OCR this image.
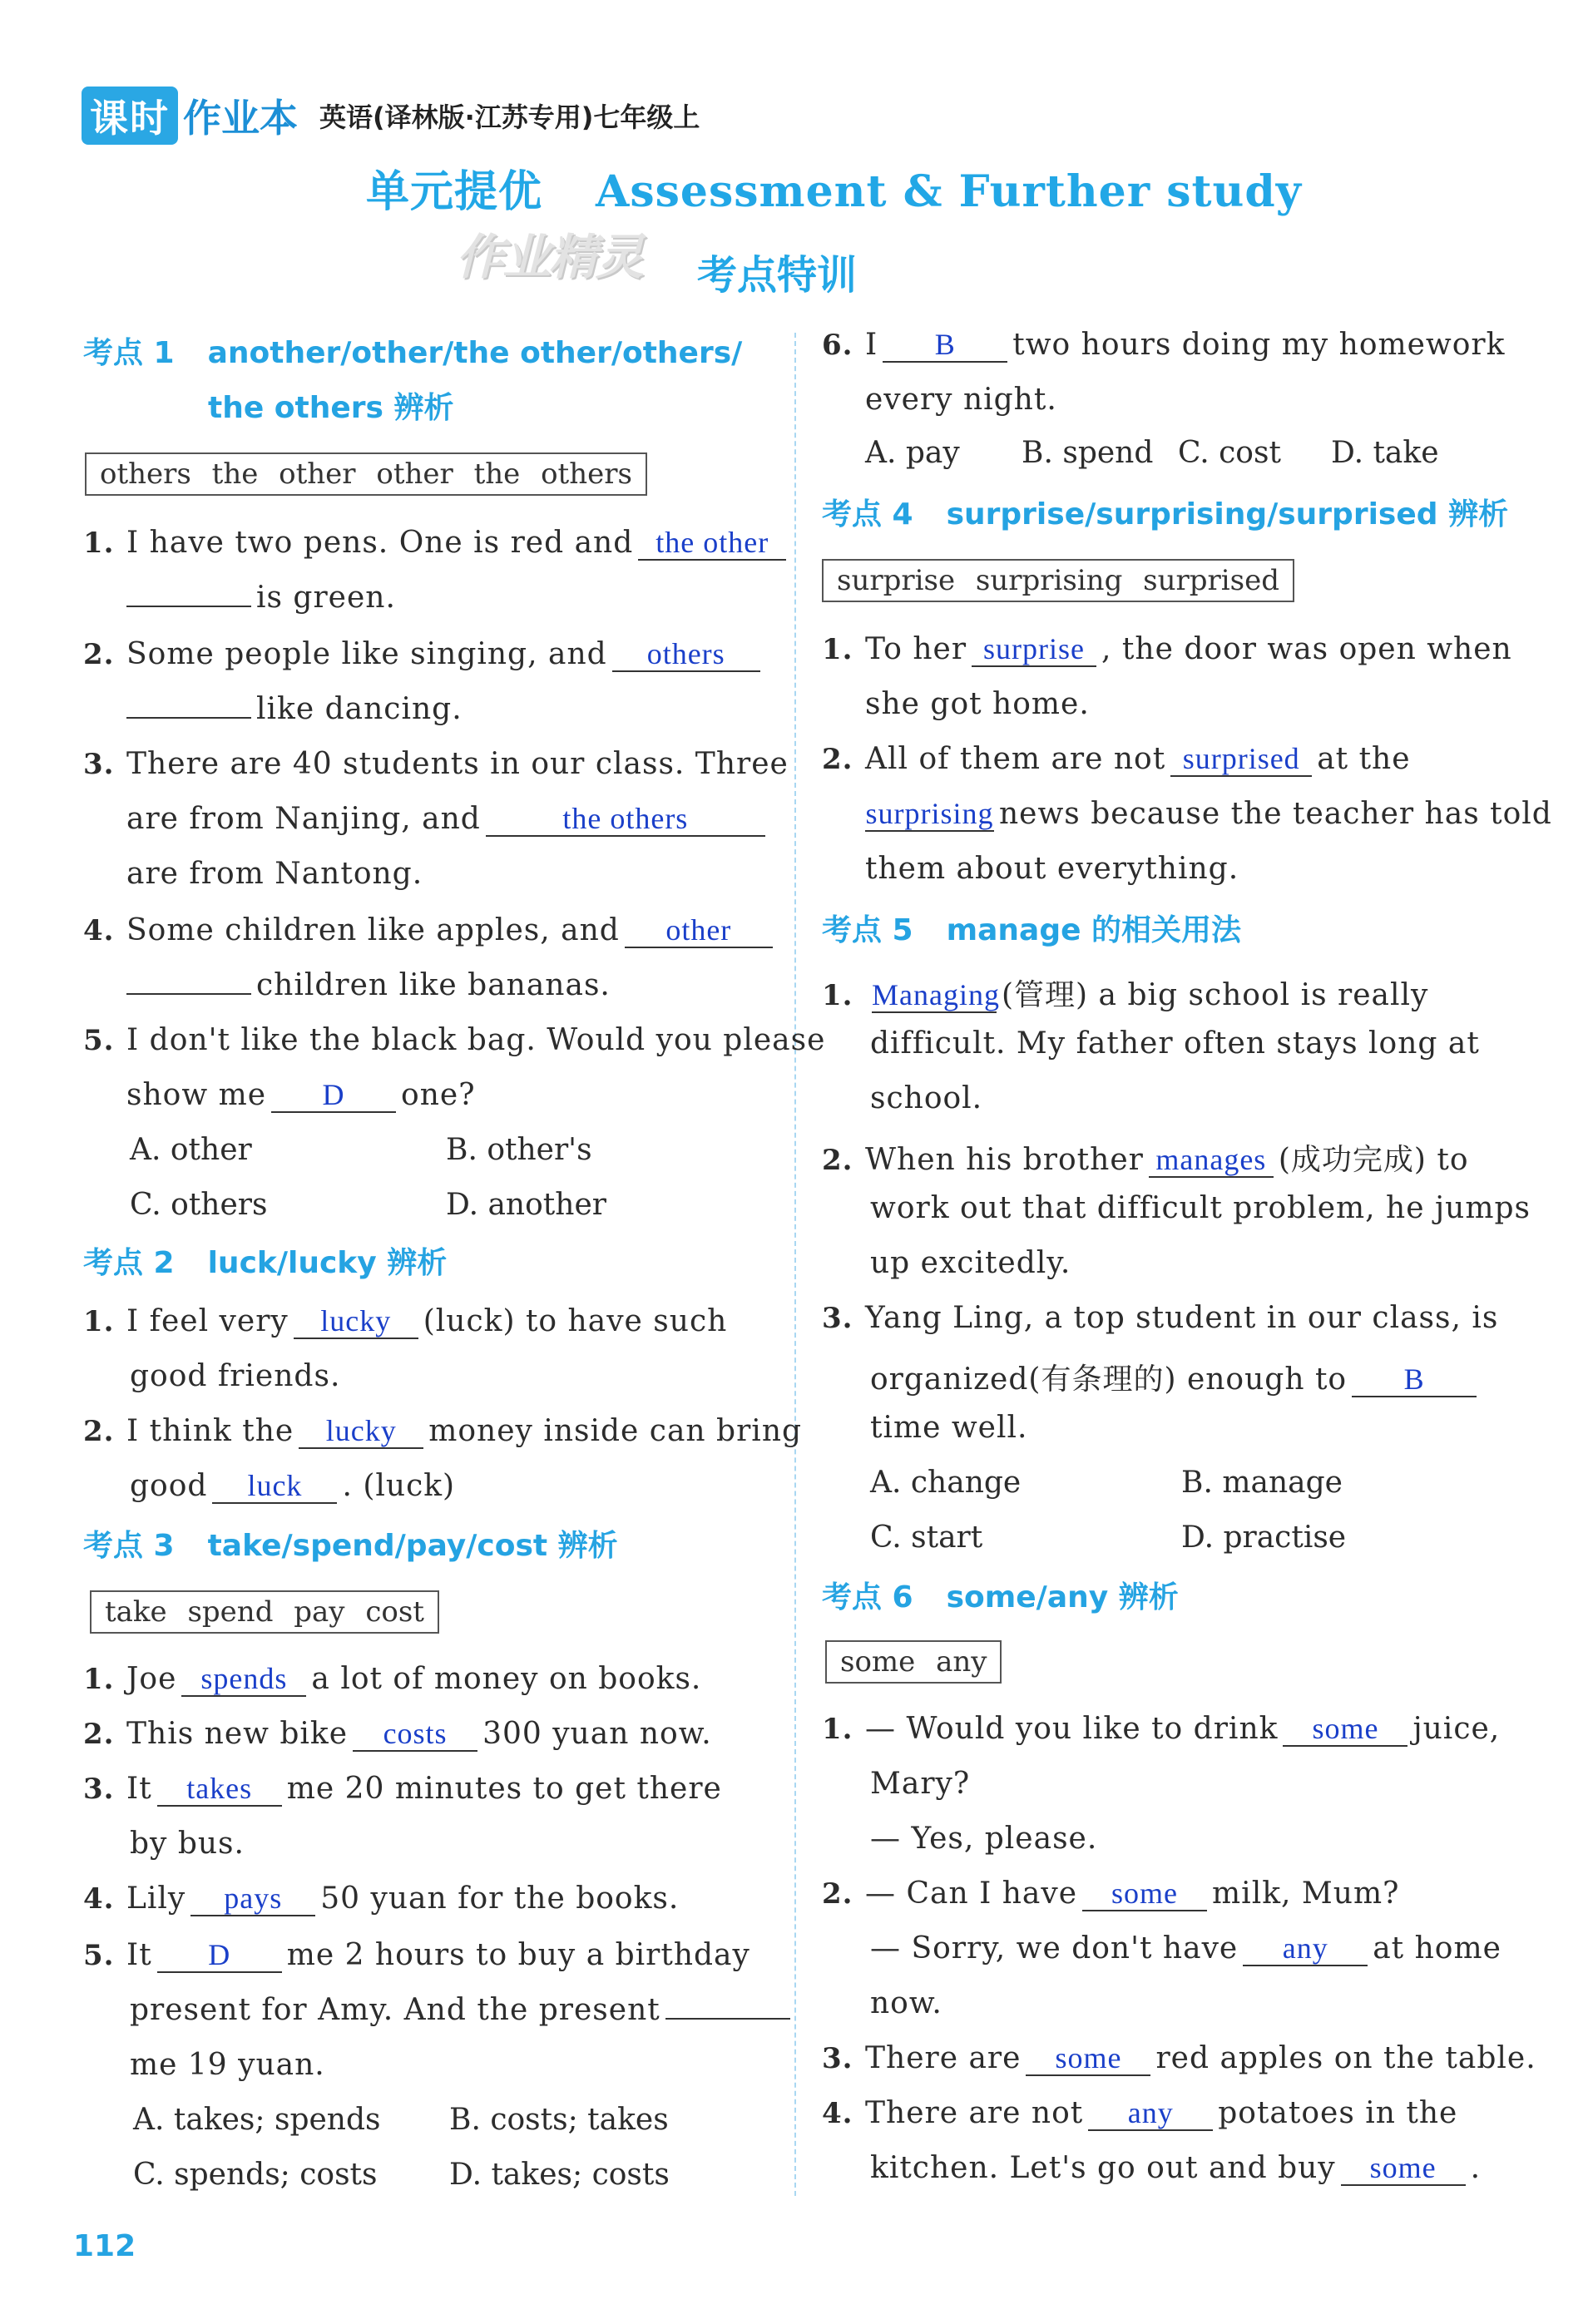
课时 作业本 英语(译林版·江苏专用)七年级上
单元提优 Assessment & Further study
作业精灵 考点特训
考点 1 another/other/the other/others/
the others 辨析
others the other other the others
1. I have two pens. One is red and the other
is green.
2. Some people like singing, and others
like dancing.
3. There are 40 students in our class. Three
are from Nanjing, and	the others
are from Nantong.
4. Some children like apples, and other
children like bananas.
5. I don't like the black bag. Would you please
show me D one?
A. other	B. other's
C. others	D. another
考点 2 luck/lucky 辨析
1. I feel very lucky (luck) to have such
good friends.
2. I think the lucky money inside can bring
good luck . (luck)
考点 3 take/spend/pay/cost 辨析
take spend pay cost
1. Joe spends a lot of money on books.
2. This new bike costs 300 yuan now.
3. It takes me 20 minutes to get there
by bus.
4. Lily pays 50 yuan for the books.
5. It D me 2 hours to buy a birthday
present for Amy. And the present
me 19 yuan.
A. takes; spends B. costs; takes
C. spends; costs D. takes; costs
6. I B two hours doing my homework
every night.
A. pay B. spend C. cost D. take
考点 4 surprise/surprising/surprised 辨析
surprise surprising surprised
1. To her surprise , the door was open when
she got home.
2. All of them are not surprised at the
surprising news because the teacher has told
them about everything.
考点 5 manage 的相关用法
1. Managing(管理) a big school is really
difficult. My father often stays long at
school.
2. When his brother manages (成功完成) to
work out that difficult problem, he jumps
up excitedly.
3. Yang Ling, a top student in our class, is
organized(有条理的) enough to B
time well.
A. change	B. manage
C. start	D. practise
考点 6 some/any 辨析
some any
1. — Would you like to drink some juice,
Mary?
— Yes, please.
2. — Can I have some milk, Mum?
— Sorry, we don't have any at home
now.
3. There are some red apples on the table.
4. There are not any potatoes in the
kitchen. Let's go out and buy some .
112
